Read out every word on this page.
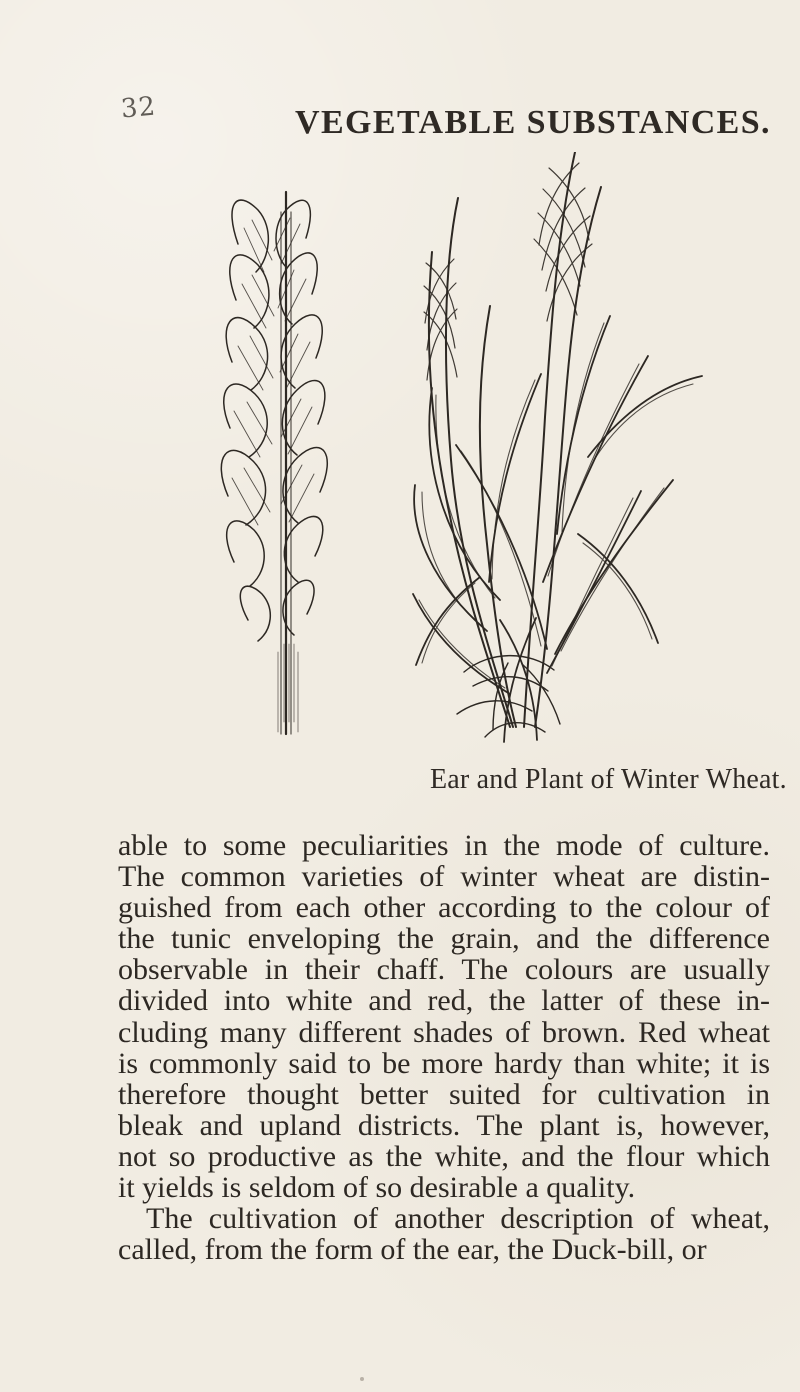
32	VEGETABLE SUBSTANCES.
Ear and Plant of Winter Wheat.
able to some peculiarities in the mode of culture.
The common varieties of winter wheat are distin-
guished from each other according to the colour of
the tunic enveloping the grain, and the difference
observable in their chaff. The colours are usually
divided into white and red, the latter of these in-
cluding many different shades of brown. Red wheat
is commonly said to be more hardy than white; it is
therefore thought better suited for cultivation in
bleak and upland districts. The plant is, however,
not so productive as the white, and the flour which
it yields is seldom of so desirable a quality.
The cultivation of another description of wheat,
called, from the form of the ear, the Duck-bill, or
